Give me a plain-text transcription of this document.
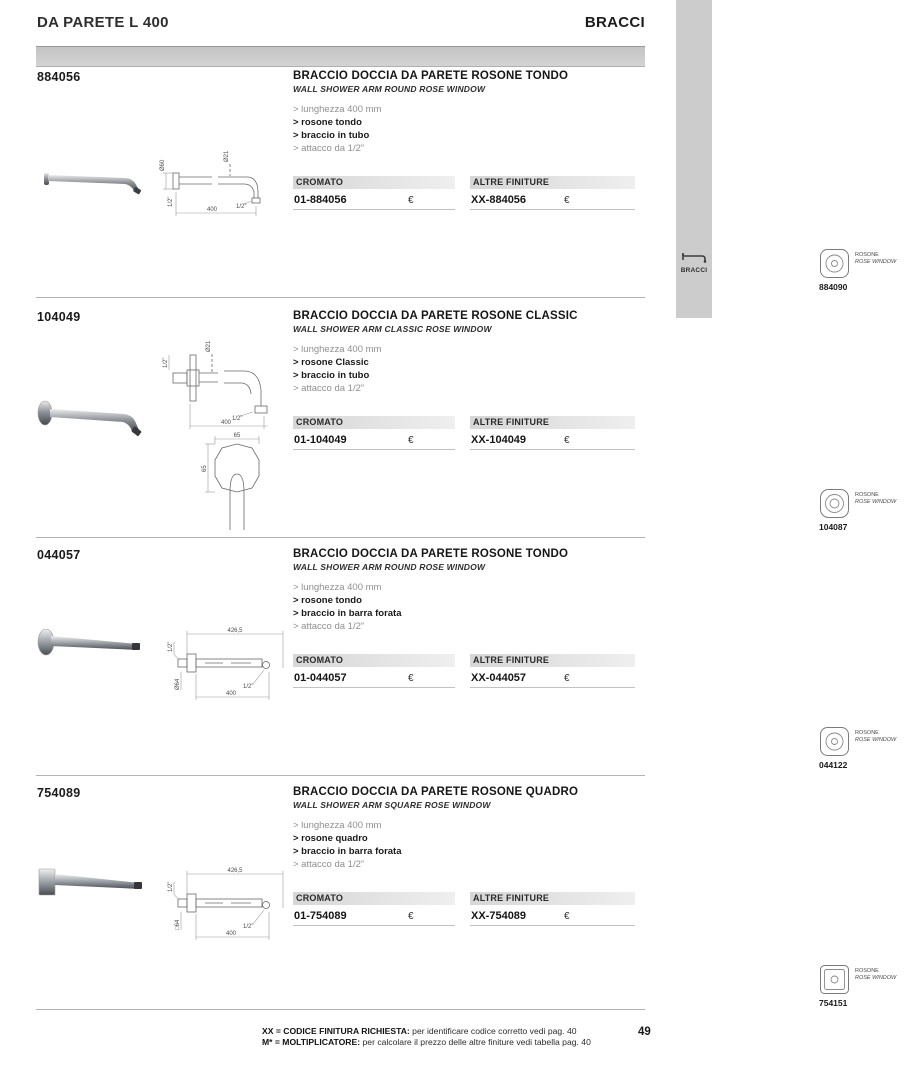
DA PARETE L 400	BRACCI
BRACCI
884056
Ø60
Ø21
1/2”
400	1/2”
BRACCIO DOCCIA DA PARETE ROSONE TONDO
WALL SHOWER ARM ROUND ROSE WINDOW
> lunghezza 400 mm
> rosone tondo
> braccio in tubo
> attacco da 1/2”
CROMATO
01-884056	€
ALTRE FINITURE
XX-884056	€
ROSONE
ROSE WINDOW
884090
104049
1/2”
Ø21
1/2”
400
65
65
BRACCIO DOCCIA DA PARETE ROSONE CLASSIC
WALL SHOWER ARM CLASSIC ROSE WINDOW
> lunghezza 400 mm
> rosone Classic
> braccio in tubo
> attacco da 1/2”
CROMATO
01-104049	€
ALTRE FINITURE
XX-104049	€
ROSONE
ROSE WINDOW
104087
044057
426,5
1/2”
Ø64	1/2”
400
BRACCIO DOCCIA DA PARETE ROSONE TONDO
WALL SHOWER ARM ROUND ROSE WINDOW
> lunghezza 400 mm
> rosone tondo
> braccio in barra forata
> attacco da 1/2”
CROMATO
01-044057	€
ALTRE FINITURE
XX-044057	€
ROSONE
ROSE WINDOW
044122
754089
426,5
1/2”
□64	1/2”
400
BRACCIO DOCCIA DA PARETE ROSONE QUADRO
WALL SHOWER ARM SQUARE ROSE WINDOW
> lunghezza 400 mm
> rosone quadro
> braccio in barra forata
> attacco da 1/2”
CROMATO
01-754089	€
ALTRE FINITURE
XX-754089	€
ROSONE
ROSE WINDOW
754151
XX = CODICE FINITURA RICHIESTA: per identificare codice corretto vedi pag. 40
M* = MOLTIPLICATORE: per calcolare il prezzo delle altre finiture vedi tabella pag. 40
49
